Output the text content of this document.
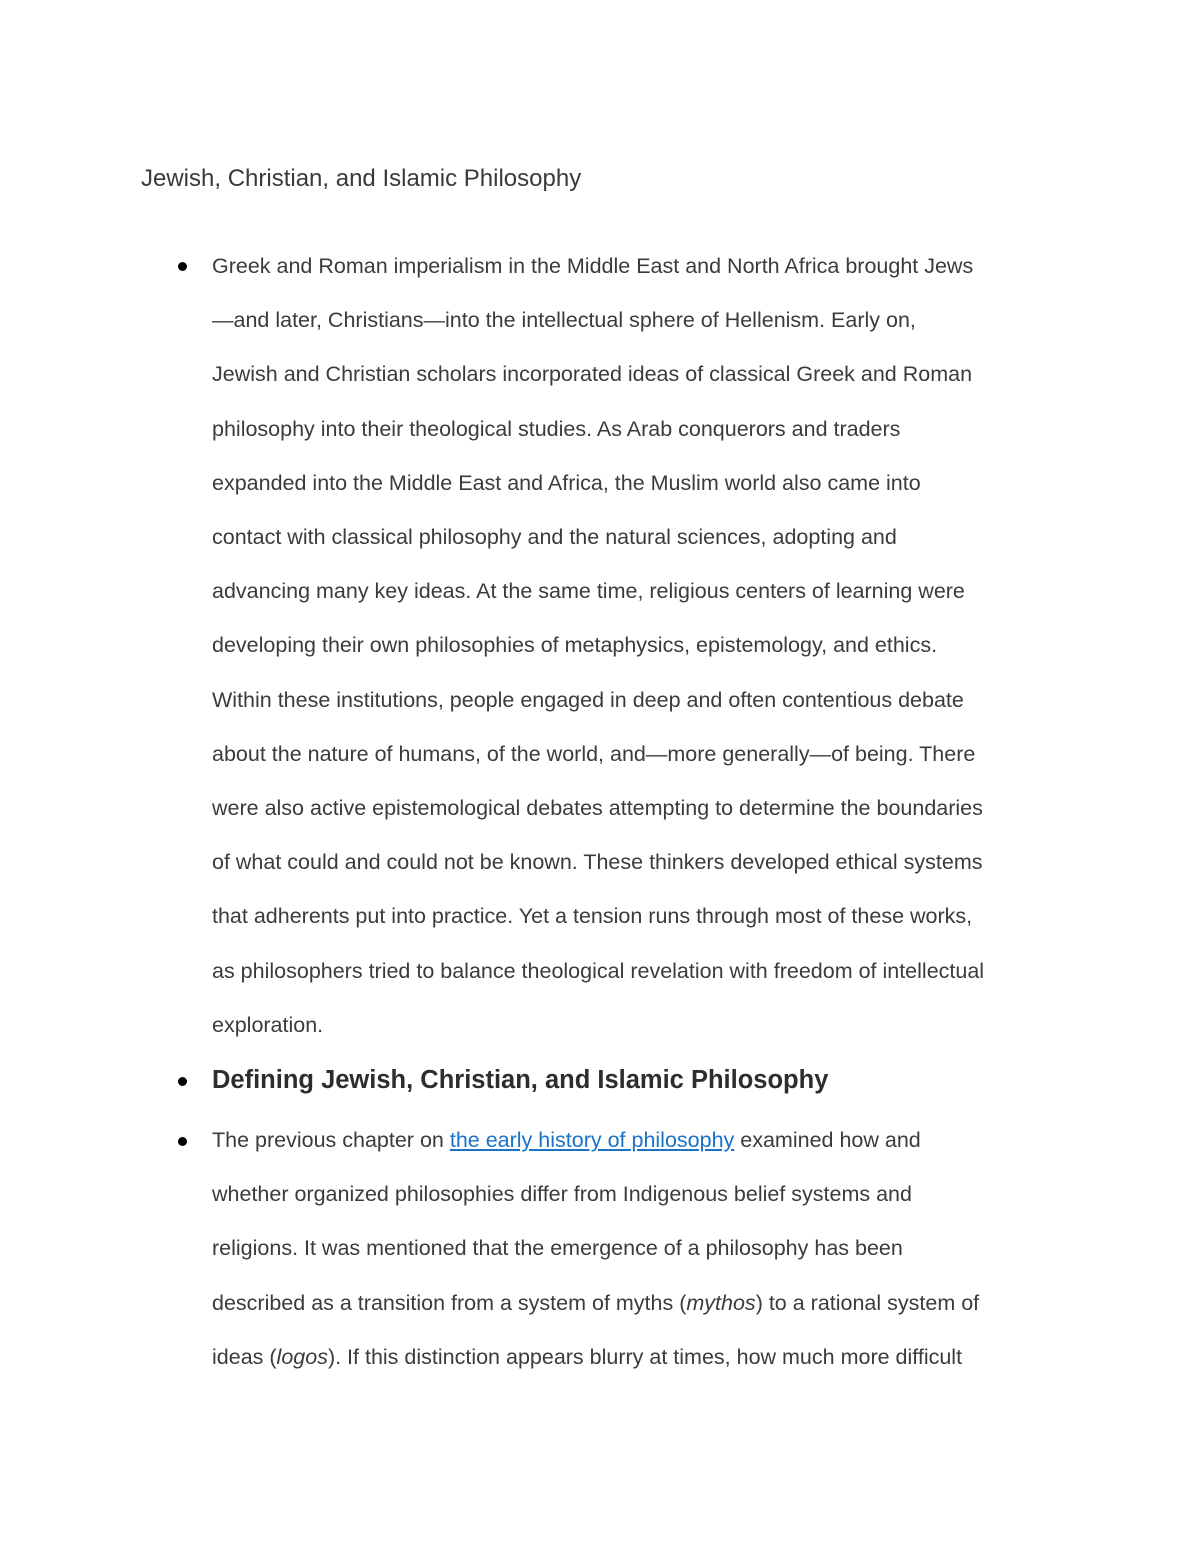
Jewish, Christian, and Islamic Philosophy
Greek and Roman imperialism in the Middle East and North Africa brought Jews
—and later, Christians—into the intellectual sphere of Hellenism. Early on,
Jewish and Christian scholars incorporated ideas of classical Greek and Roman
philosophy into their theological studies. As Arab conquerors and traders
expanded into the Middle East and Africa, the Muslim world also came into
contact with classical philosophy and the natural sciences, adopting and
advancing many key ideas. At the same time, religious centers of learning were
developing their own philosophies of metaphysics, epistemology, and ethics.
Within these institutions, people engaged in deep and often contentious debate
about the nature of humans, of the world, and—more generally—of being. There
were also active epistemological debates attempting to determine the boundaries
of what could and could not be known. These thinkers developed ethical systems
that adherents put into practice. Yet a tension runs through most of these works,
as philosophers tried to balance theological revelation with freedom of intellectual
exploration.
Defining Jewish, Christian, and Islamic Philosophy
The previous chapter on the early history of philosophy examined how and
whether organized philosophies differ from Indigenous belief systems and
religions. It was mentioned that the emergence of a philosophy has been
described as a transition from a system of myths (mythos) to a rational system of
ideas (logos). If this distinction appears blurry at times, how much more difficult
